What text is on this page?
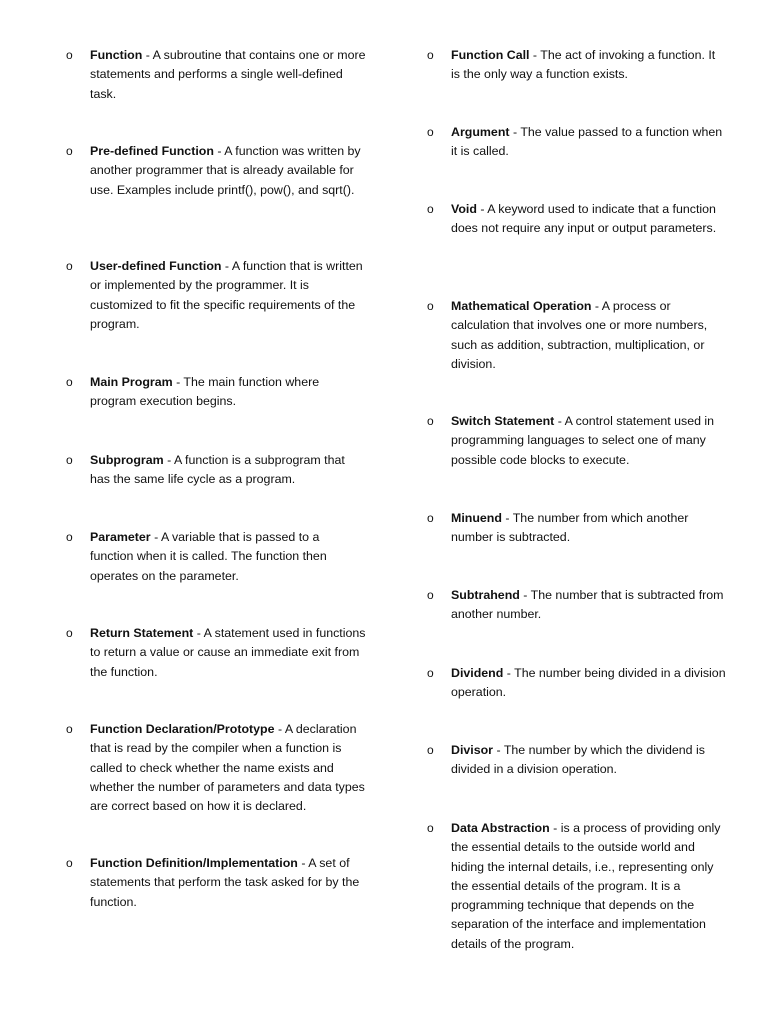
o	Function - A subroutine that contains one or more statements and performs a single well-defined task.
o	Pre-defined Function - A function was written by another programmer that is already available for use. Examples include printf(), pow(), and sqrt().
o	User-defined Function - A function that is written or implemented by the programmer. It is customized to fit the specific requirements of the program.
o	Main Program - The main function where program execution begins.
o	Subprogram - A function is a subprogram that has the same life cycle as a program.
o	Parameter - A variable that is passed to a function when it is called. The function then operates on the parameter.
o	Return Statement - A statement used in functions to return a value or cause an immediate exit from the function.
o	Function Declaration/Prototype - A declaration that is read by the compiler when a function is called to check whether the name exists and whether the number of parameters and data types are correct based on how it is declared.
o	Function Definition/Implementation - A set of statements that perform the task asked for by the function.
o	Function Call - The act of invoking a function. It is the only way a function exists.
o	Argument - The value passed to a function when it is called.
o	Void - A keyword used to indicate that a function does not require any input or output parameters.
o	Mathematical Operation - A process or calculation that involves one or more numbers, such as addition, subtraction, multiplication, or division.
o	Switch Statement - A control statement used in programming languages to select one of many possible code blocks to execute.
o	Minuend - The number from which another number is subtracted.
o	Subtrahend - The number that is subtracted from another number.
o	Dividend - The number being divided in a division operation.
o	Divisor - The number by which the dividend is divided in a division operation.
o	Data Abstraction - is a process of providing only the essential details to the outside world and hiding the internal details, i.e., representing only the essential details of the program. It is a programming technique that depends on the separation of the interface and implementation details of the program.
